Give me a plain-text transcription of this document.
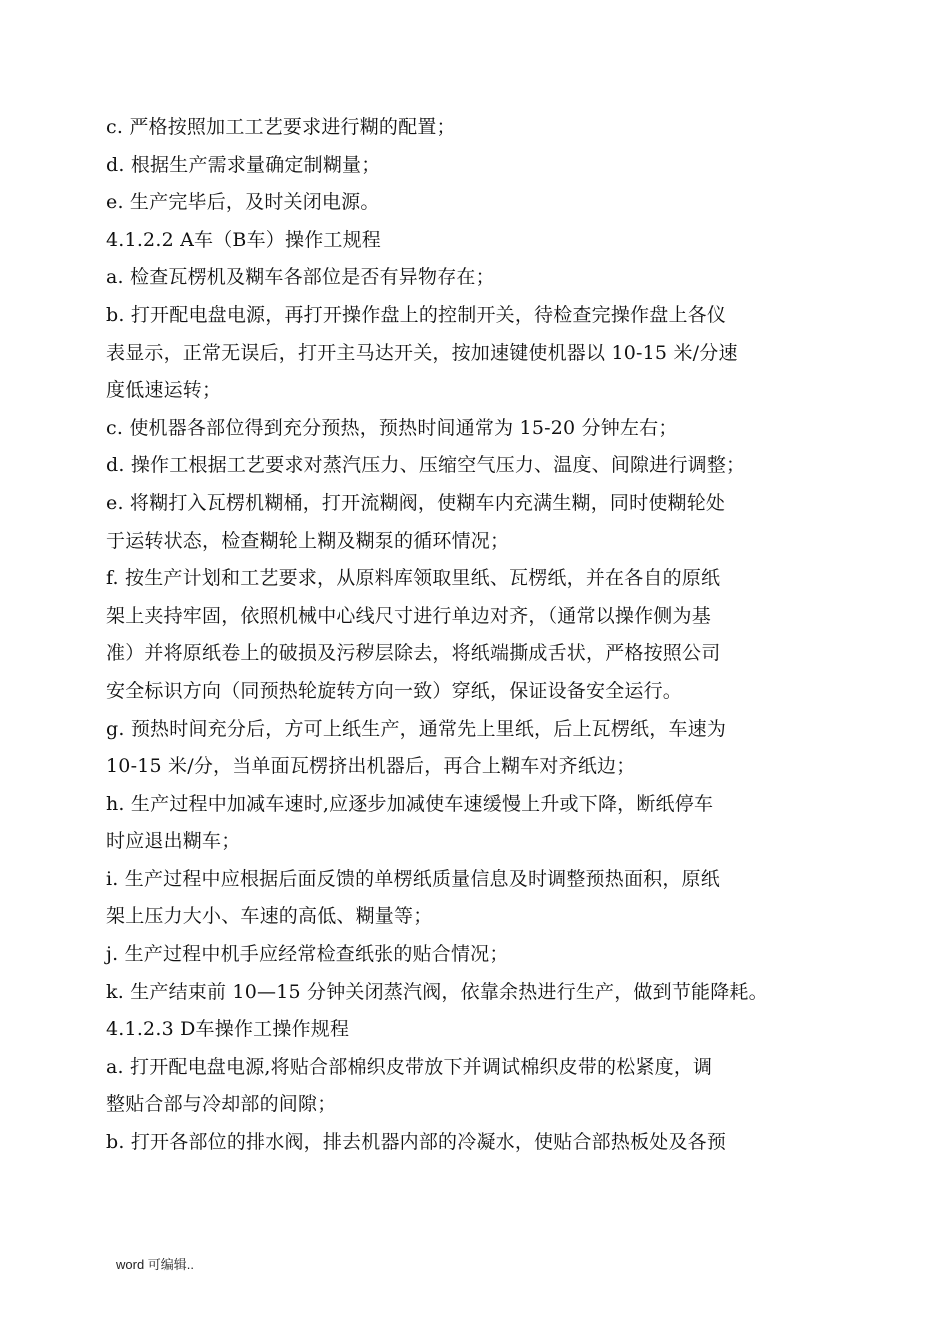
c. 严格按照加工工艺要求进行糊的配置；
d. 根据生产需求量确定制糊量；
e. 生产完毕后，及时关闭电源。
4.1.2.2 A车（B车）操作工规程
a. 检查瓦楞机及糊车各部位是否有异物存在；
b. 打开配电盘电源，再打开操作盘上的控制开关，待检查完操作盘上各仪
表显示，正常无误后，打开主马达开关，按加速键使机器以 10-15 米/分速
度低速运转；
c. 使机器各部位得到充分预热，预热时间通常为 15-20 分钟左右；
d. 操作工根据工艺要求对蒸汽压力、压缩空气压力、温度、间隙进行调整；
e. 将糊打入瓦楞机糊桶，打开流糊阀，使糊车内充满生糊，同时使糊轮处
于运转状态，检查糊轮上糊及糊泵的循环情况；
f. 按生产计划和工艺要求，从原料库领取里纸、瓦楞纸，并在各自的原纸
架上夹持牢固，依照机械中心线尺寸进行单边对齐，（通常以操作侧为基
准）并将原纸卷上的破损及污秽层除去，将纸端撕成舌状，严格按照公司
安全标识方向（同预热轮旋转方向一致）穿纸，保证设备安全运行。
g. 预热时间充分后，方可上纸生产，通常先上里纸，后上瓦楞纸，车速为
10-15 米/分，当单面瓦楞挤出机器后，再合上糊车对齐纸边；
h. 生产过程中加减车速时,应逐步加减使车速缓慢上升或下降，断纸停车
时应退出糊车；
i. 生产过程中应根据后面反馈的单楞纸质量信息及时调整预热面积，原纸
架上压力大小、车速的高低、糊量等；
j. 生产过程中机手应经常检查纸张的贴合情况；
k. 生产结束前 10—15 分钟关闭蒸汽阀，依靠余热进行生产，做到节能降耗。
4.1.2.3 D车操作工操作规程
a. 打开配电盘电源,将贴合部棉织皮带放下并调试棉织皮带的松紧度，调
整贴合部与冷却部的间隙；
b. 打开各部位的排水阀，排去机器内部的冷凝水，使贴合部热板处及各预
word 可编辑..
